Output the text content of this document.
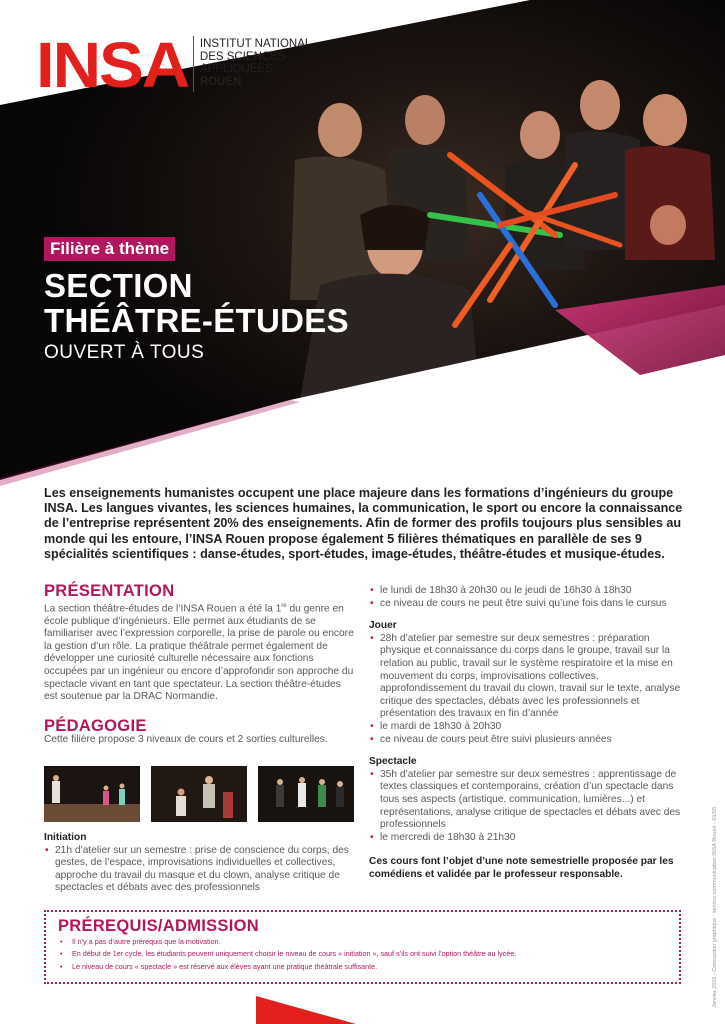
INSA INSTITUT NATIONAL
DES SCIENCES
APPLIQUÉES
ROUEN
Filière à thème
SECTION
THÉÂTRE-ÉTUDES
OUVERT À TOUS
Les enseignements humanistes occupent une place majeure dans les formations d’ingénieurs du groupe INSA. Les langues vivantes, les sciences humaines, la communication, le sport ou encore la connaissance de l’entreprise représentent 20% des enseignements. Afin de former des profils toujours plus sensibles au monde qui les entoure, l’INSA Rouen propose également 5 filières thématiques en parallèle de ses 9 spécialités scientifiques : danse-études, sport-études, image-études, théâtre-études et musique-études.
PRÉSENTATION

La section théâtre-études de l’INSA Rouen a été la 1re du genre en école publique d’ingénieurs. Elle permet aux étudiants de se familiariser avec l’expression corporelle, la prise de parole ou encore la gestion d’un rôle. La pratique théâtrale permet également de développer une curiosité culturelle nécessaire aux fonctions occupées par un ingénieur ou encore d’approfondir son approche du spectacle vivant en tant que spectateur. La section théâtre-études est soutenue par la DRAC Normandie.

PÉDAGOGIE

Cette filière propose 3 niveaux de cours et 2 sorties culturelles.

Initiation

• 21h d’atelier sur un semestre : prise de conscience du corps, des gestes, de l’espace, improvisations individuelles et collectives, approche du travail du masque et du clown, analyse critique de spectacles et débats avec des professionnels
• le lundi de 18h30 à 20h30 ou le jeudi de 16h30 à 18h30
• ce niveau de cours ne peut être suivi qu’une fois dans le cursus

Jouer

• 28h d’atelier par semestre sur deux semestres : préparation physique et connaissance du corps dans le groupe, travail sur la relation au public, travail sur le système respiratoire et la mise en mouvement du corps, improvisations collectives, approfondissement du travail du clown, travail sur le texte, analyse critique des spectacles, débats avec les professionnels et présentation des travaux en fin d’année
• le mardi de 18h30 à 20h30
• ce niveau de cours peut être suivi plusieurs années

Spectacle

• 35h d’atelier par semestre sur deux semestres : apprentissage de textes classiques et contemporains, création d’un spectacle dans tous ses aspects (artistique, communication, lumières...) et représentations, analyse critique de spectacles et débats avec des professionnels
• le mercredi de 18h30 à 21h30

Ces cours font l’objet d’une note semestrielle proposée par les comédiens et validée par le professeur responsable.

PRÉREQUIS/ADMISSION
• Il n’y a pas d’autre prérequis que la motivation.
• En début de 1er cycle, les étudiants peuvent uniquement choisir le niveau de cours « initiation », sauf s’ils ont suivi l’option théâtre au lycée.
• Le niveau de cours « spectacle » est réservé aux élèves ayant une pratique théâtrale suffisante.	Janvier 2016 - Conception graphique : service communication INSA Rouen - 01/55
